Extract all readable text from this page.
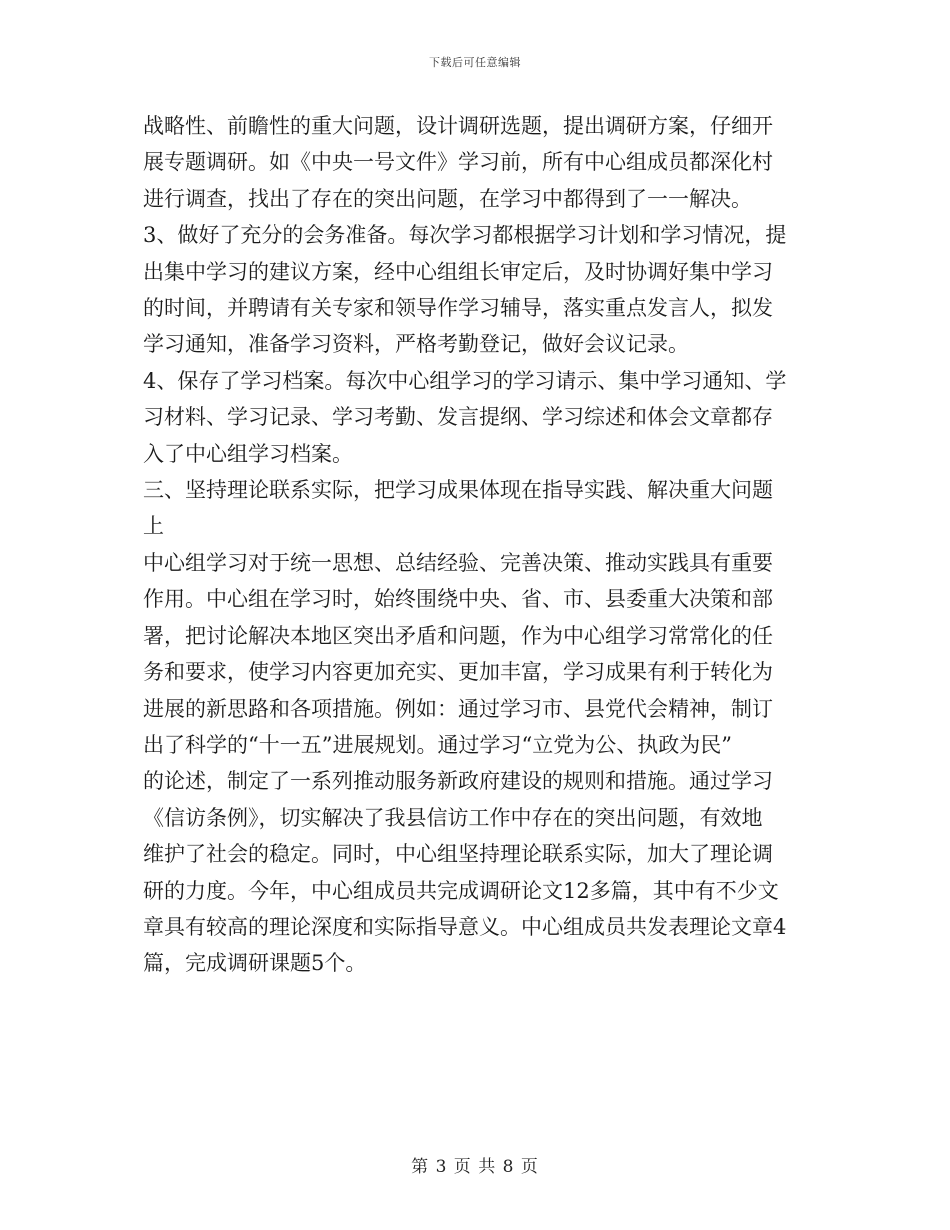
下载后可任意编辑

战略性、前瞻性的重大问题，设计调研选题，提出调研方案，仔细开
展专题调研。如《中央一号文件》学习前，所有中心组成员都深化村
进行调查，找出了存在的突出问题，在学习中都得到了一一解决。

3、做好了充分的会务准备。每次学习都根据学习计划和学习情况，提
出集中学习的建议方案，经中心组组长审定后，及时协调好集中学习
的时间，并聘请有关专家和领导作学习辅导，落实重点发言人，拟发
学习通知，准备学习资料，严格考勤登记，做好会议记录。

4、保存了学习档案。每次中心组学习的学习请示、集中学习通知、学
习材料、学习记录、学习考勤、发言提纲、学习综述和体会文章都存
入了中心组学习档案。

三、坚持理论联系实际，把学习成果体现在指导实践、解决重大问题
上

中心组学习对于统一思想、总结经验、完善决策、推动实践具有重要
作用。中心组在学习时，始终围绕中央、省、市、县委重大决策和部
署，把讨论解决本地区突出矛盾和问题，作为中心组学习常常化的任
务和要求，使学习内容更加充实、更加丰富，学习成果有利于转化为
进展的新思路和各项措施。例如：通过学习市、县党代会精神，制订
出了科学的“十一五”进展规划。通过学习“立党为公、执政为民”
的论述，制定了一系列推动服务新政府建设的规则和措施。通过学习
《信访条例》，切实解决了我县信访工作中存在的突出问题，有效地
维护了社会的稳定。同时，中心组坚持理论联系实际，加大了理论调
研的力度。今年，中心组成员共完成调研论文12多篇，其中有不少文
章具有较高的理论深度和实际指导意义。中心组成员共发表理论文章4
篇，完成调研课题5个。

第 3 页 共 8 页
